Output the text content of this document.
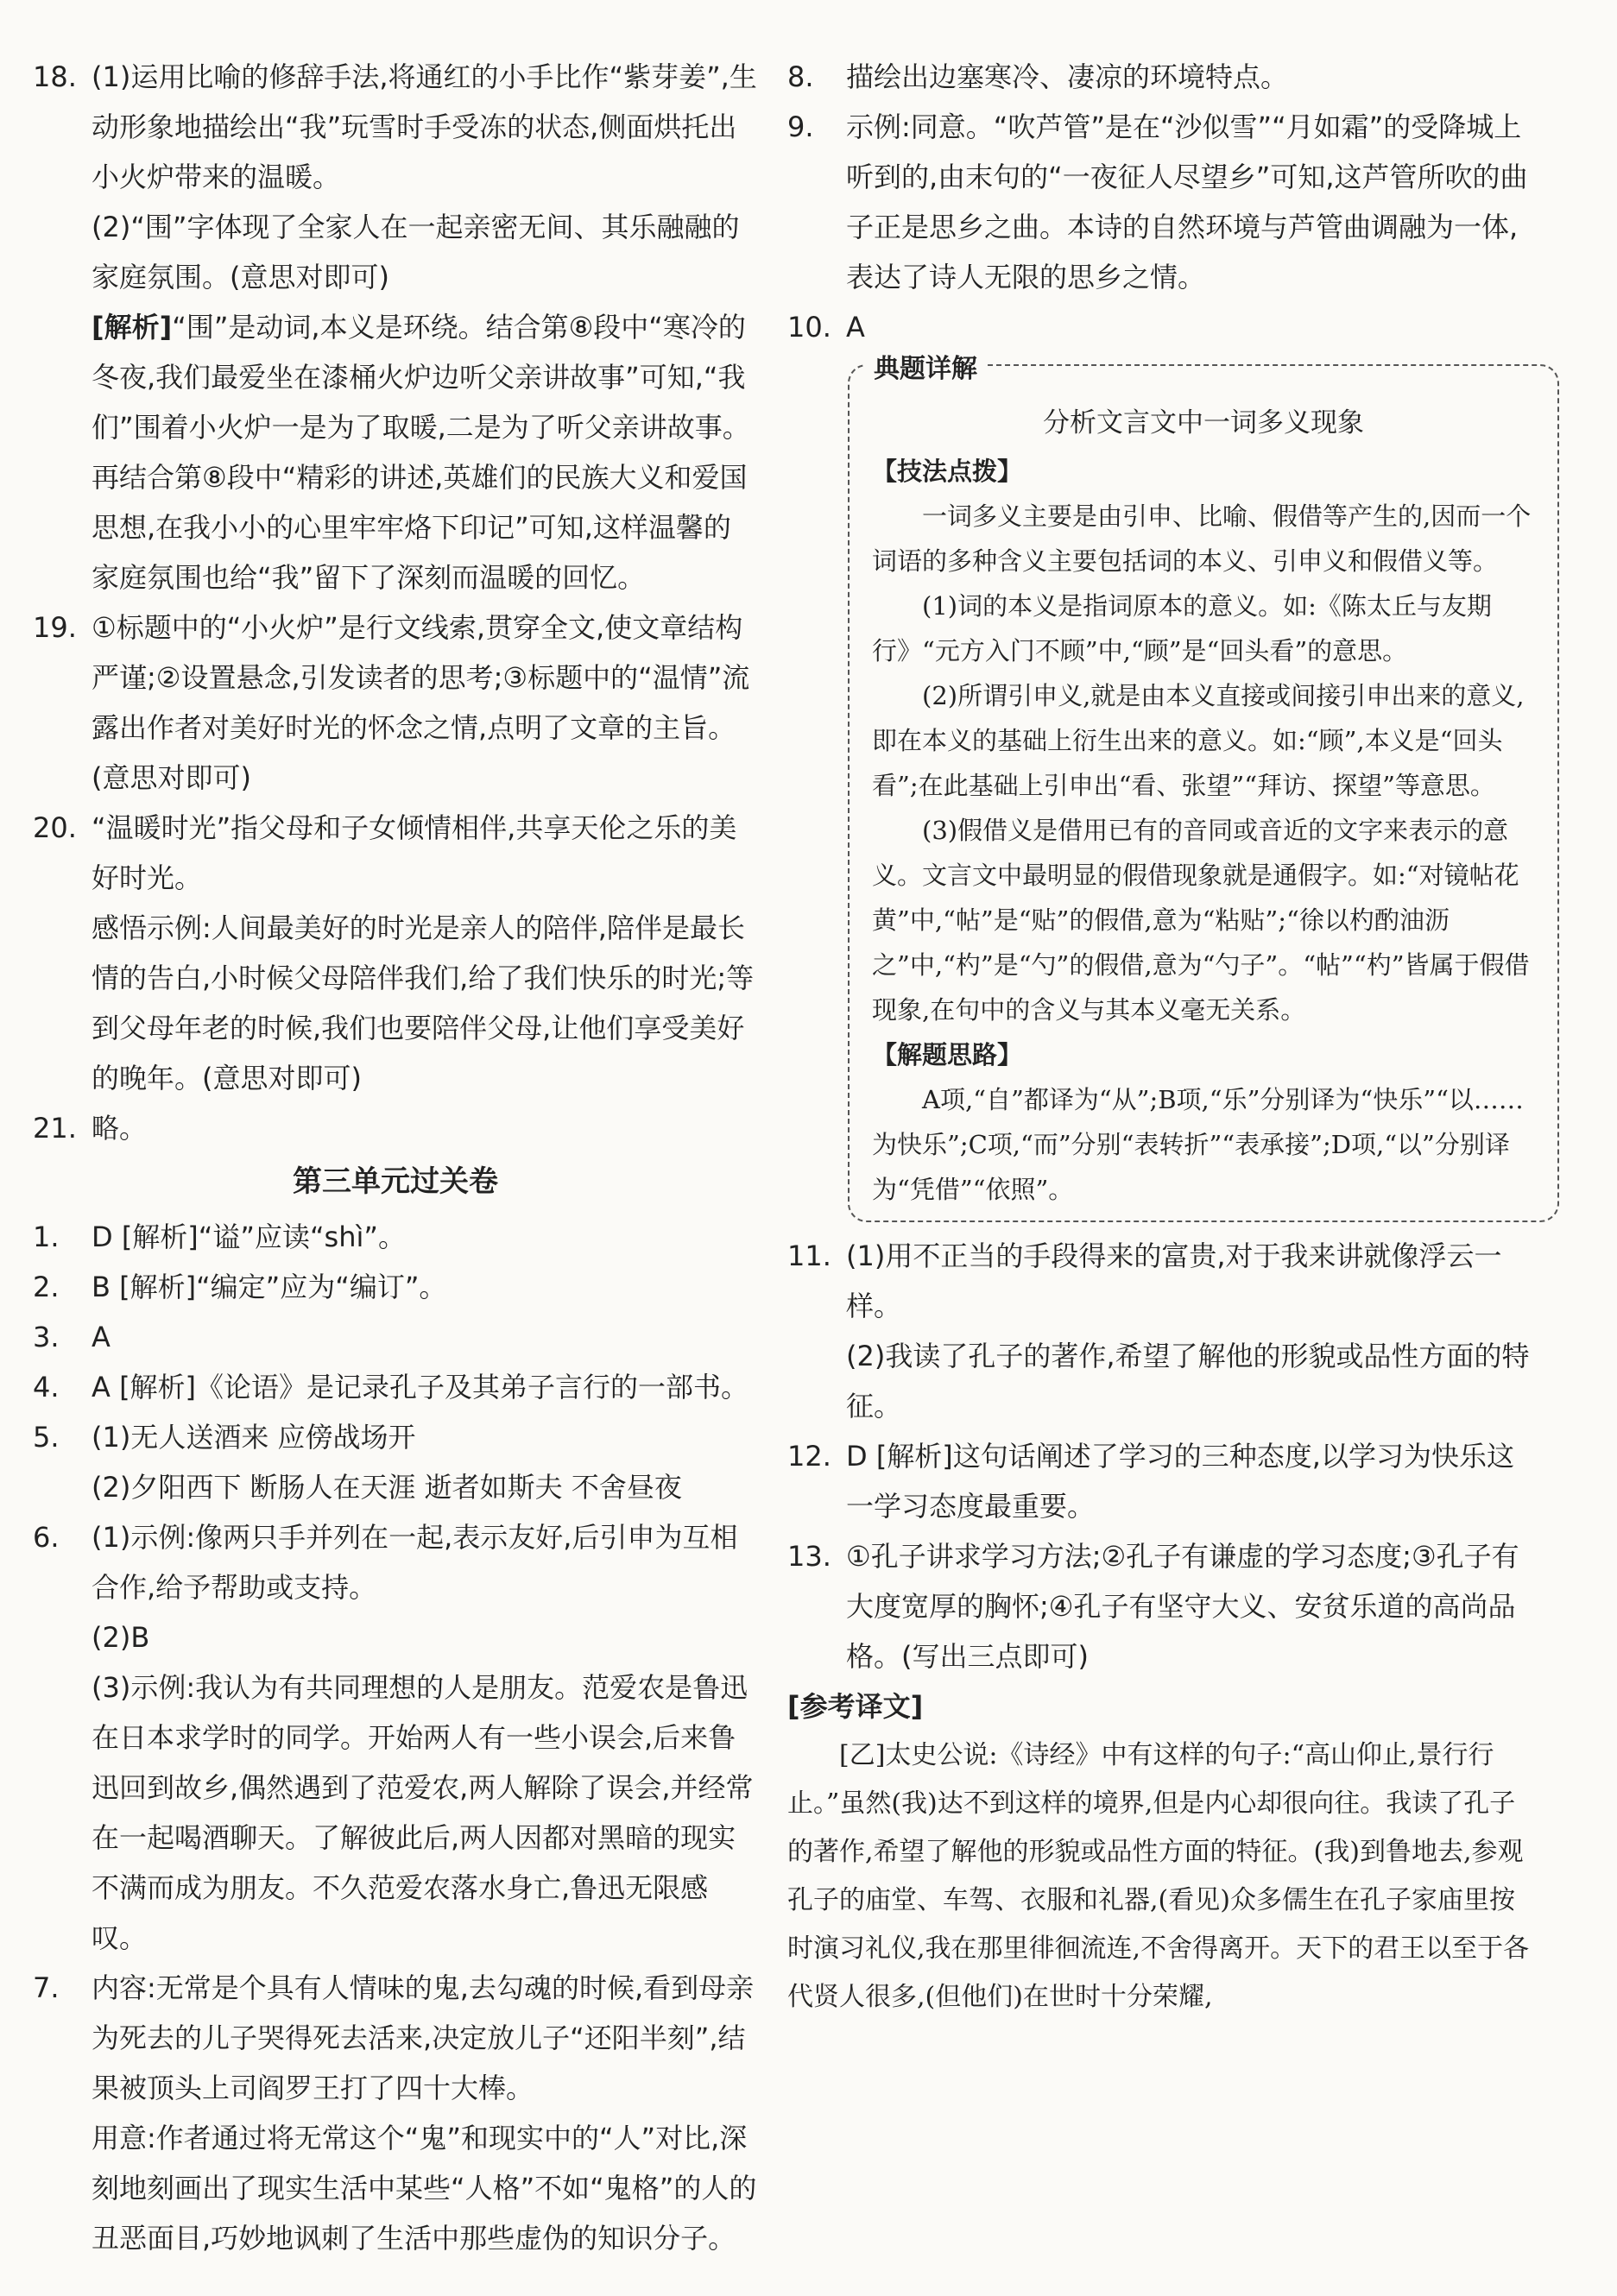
18. (1)运用比喻的修辞手法,将通红的小手比作“紫芽姜”,生动形象地描绘出“我”玩雪时手受冻的状态,侧面烘托出小火炉带来的温暖。
(2)“围”字体现了全家人在一起亲密无间、其乐融融的家庭氛围。(意思对即可)
[解析]“围”是动词,本义是环绕。结合第⑧段中“寒冷的冬夜,我们最爱坐在漆桶火炉边听父亲讲故事”可知,“我们”围着小火炉一是为了取暖,二是为了听父亲讲故事。再结合第⑧段中“精彩的讲述,英雄们的民族大义和爱国思想,在我小小的心里牢牢烙下印记”可知,这样温馨的家庭氛围也给“我”留下了深刻而温暖的回忆。
19. ①标题中的“小火炉”是行文线索,贯穿全文,使文章结构严谨;②设置悬念,引发读者的思考;③标题中的“温情”流露出作者对美好时光的怀念之情,点明了文章的主旨。(意思对即可)
20. “温暖时光”指父母和子女倾情相伴,共享天伦之乐的美好时光。
感悟示例:人间最美好的时光是亲人的陪伴,陪伴是最长情的告白,小时候父母陪伴我们,给了我们快乐的时光;等到父母年老的时候,我们也要陪伴父母,让他们享受美好的晚年。(意思对即可)
21. 略。
第三单元过关卷
1. D [解析]“谥”应读“shì”。
2. B [解析]“编定”应为“编订”。
3. A
4. A [解析]《论语》是记录孔子及其弟子言行的一部书。
5. (1)无人送酒来 应傍战场开
(2)夕阳西下 断肠人在天涯 逝者如斯夫 不舍昼夜
6. (1)示例:像两只手并列在一起,表示友好,后引申为互相合作,给予帮助或支持。
(2)B
(3)示例:我认为有共同理想的人是朋友。范爱农是鲁迅在日本求学时的同学。开始两人有一些小误会,后来鲁迅回到故乡,偶然遇到了范爱农,两人解除了误会,并经常在一起喝酒聊天。了解彼此后,两人因都对黑暗的现实不满而成为朋友。不久范爱农落水身亡,鲁迅无限感叹。
7. 内容:无常是个具有人情味的鬼,去勾魂的时候,看到母亲为死去的儿子哭得死去活来,决定放儿子“还阳半刻”,结果被顶头上司阎罗王打了四十大棒。
用意:作者通过将无常这个“鬼”和现实中的“人”对比,深刻地刻画出了现实生活中某些“人格”不如“鬼格”的人的丑恶面目,巧妙地讽刺了生活中那些虚伪的知识分子。
8. 描绘出边塞寒冷、凄凉的环境特点。
9. 示例:同意。“吹芦管”是在“沙似雪”“月如霜”的受降城上听到的,由末句的“一夜征人尽望乡”可知,这芦管所吹的曲子正是思乡之曲。本诗的自然环境与芦管曲调融为一体,表达了诗人无限的思乡之情。
10. A
典题详解
分析文言文中一词多义现象
【技法点拨】
一词多义主要是由引申、比喻、假借等产生的,因而一个词语的多种含义主要包括词的本义、引申义和假借义等。
(1)词的本义是指词原本的意义。如:《陈太丘与友期行》“元方入门不顾”中,“顾”是“回头看”的意思。
(2)所谓引申义,就是由本义直接或间接引申出来的意义,即在本义的基础上衍生出来的意义。如:“顾”,本义是“回头看”;在此基础上引申出“看、张望”“拜访、探望”等意思。
(3)假借义是借用已有的音同或音近的文字来表示的意义。文言文中最明显的假借现象就是通假字。如:“对镜帖花黄”中,“帖”是“贴”的假借,意为“粘贴”;“徐以杓酌油沥之”中,“杓”是“勺”的假借,意为“勺子”。“帖”“杓”皆属于假借现象,在句中的含义与其本义毫无关系。
【解题思路】
A项,“自”都译为“从”;B项,“乐”分别译为“快乐”“以……为快乐”;C项,“而”分别“表转折”“表承接”;D项,“以”分别译为“凭借”“依照”。
11. (1)用不正当的手段得来的富贵,对于我来讲就像浮云一样。
(2)我读了孔子的著作,希望了解他的形貌或品性方面的特征。
12. D [解析]这句话阐述了学习的三种态度,以学习为快乐这一学习态度最重要。
13. ①孔子讲求学习方法;②孔子有谦虚的学习态度;③孔子有大度宽厚的胸怀;④孔子有坚守大义、安贫乐道的高尚品格。(写出三点即可)
[参考译文]
[乙]太史公说:《诗经》中有这样的句子:“高山仰止,景行行止。”虽然(我)达不到这样的境界,但是内心却很向往。我读了孔子的著作,希望了解他的形貌或品性方面的特征。(我)到鲁地去,参观孔子的庙堂、车驾、衣服和礼器,(看见)众多儒生在孔子家庙里按时演习礼仪,我在那里徘徊流连,不舍得离开。天下的君王以至于各代贤人很多,(但他们)在世时十分荣耀,
